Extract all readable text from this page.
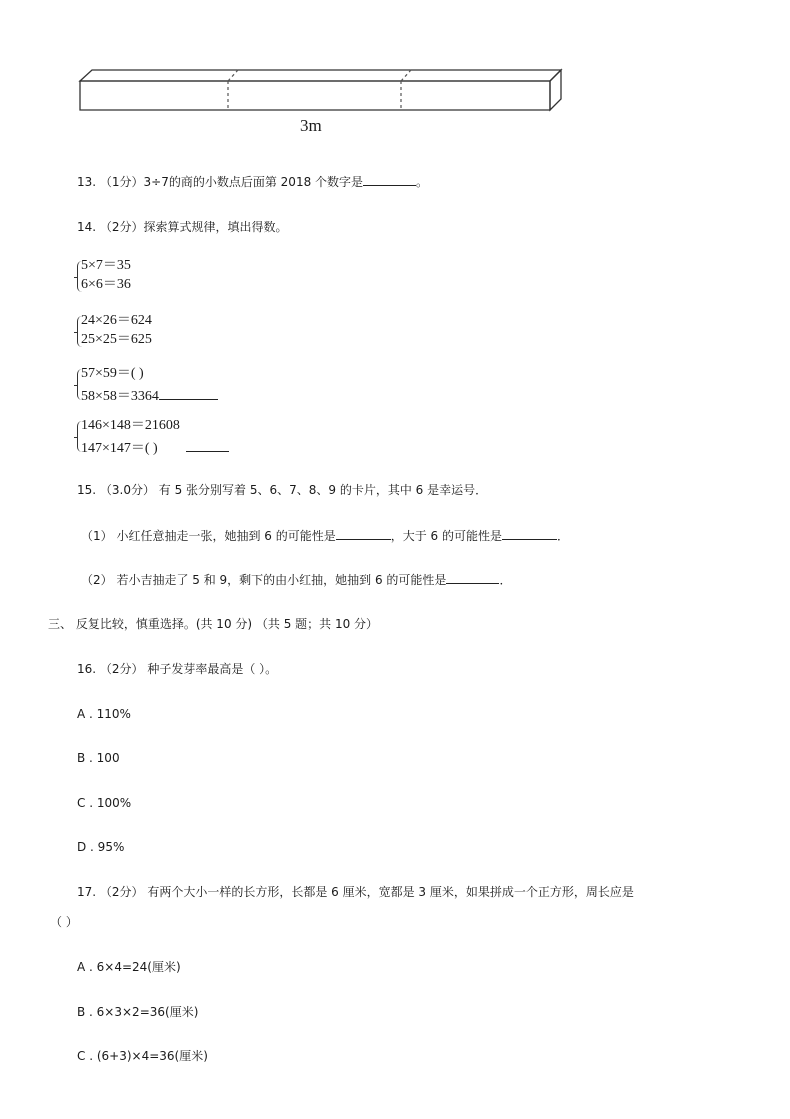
3m
13. （1分）3÷7的商的小数点后面第 2018 个数字是	。
14. （2分）探索算式规律，填出得数。
5×7＝35
6×6＝36
24×26＝624
25×25＝625
57×59＝( )
58×58＝3364
146×148＝21608
147×147＝( )
15. （3.0分） 有 5 张分别写着 5、6、7、8、9 的卡片，其中 6 是幸运号．
（1） 小红任意抽走一张，她抽到 6 的可能性是	，大于 6 的可能性是	．
（2） 若小吉抽走了 5 和 9，剩下的由小红抽，她抽到 6 的可能性是	．
三、 反复比较，慎重选择。(共 10 分) （共 5 题；共 10 分）
16. （2分） 种子发芽率最高是（ ）。
A . 110%
B . 100
C . 100%
D . 95%
17. （2分） 有两个大小一样的长方形，长都是 6 厘米，宽都是 3 厘米，如果拼成一个正方形，周长应是
（ ）
A . 6×4=24(厘米)
B . 6×3×2=36(厘米)
C . (6+3)×4=36(厘米)
